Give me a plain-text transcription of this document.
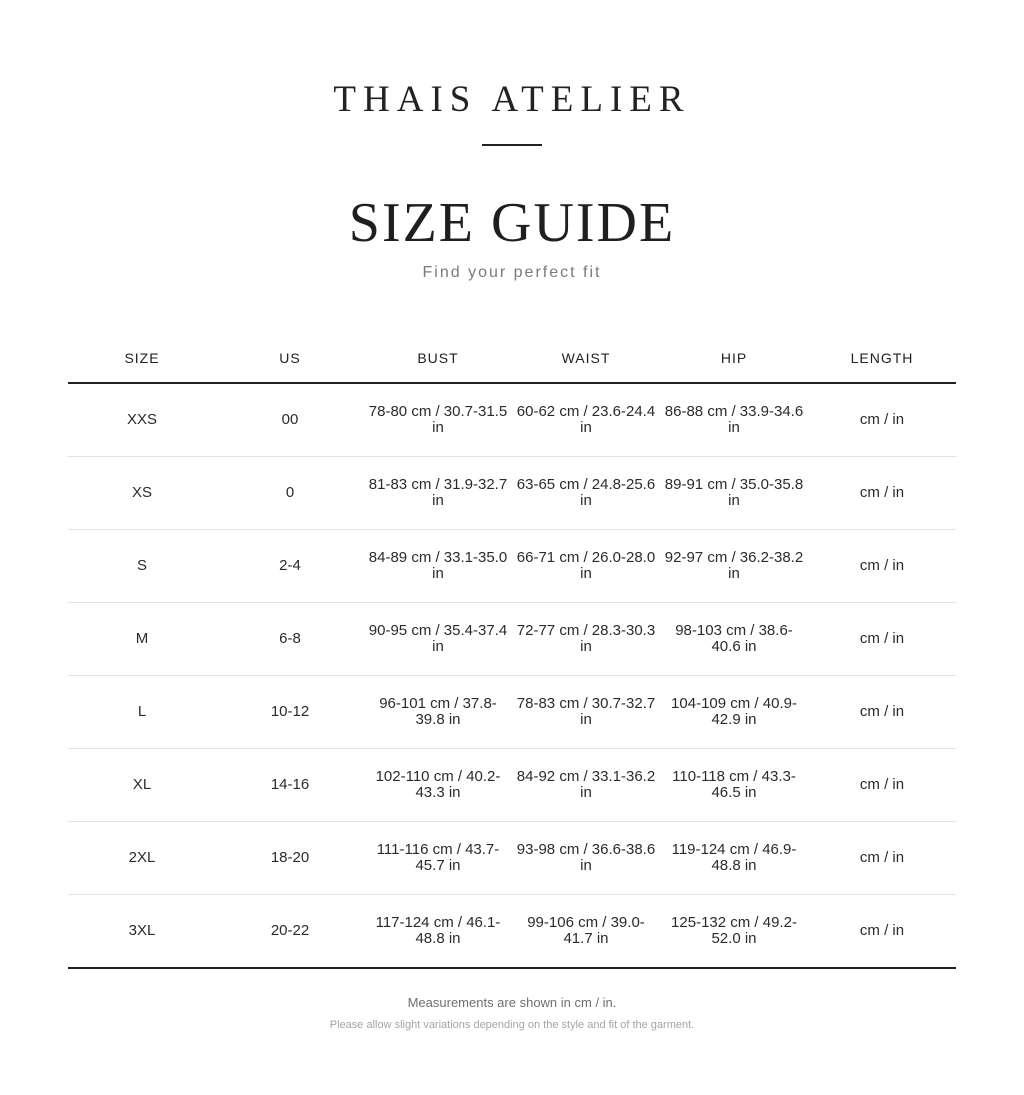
THAIS ATELIER
SIZE GUIDE
Find your perfect fit
SIZE	US	BUST	WAIST	HIP	LENGTH
XXS	00	78-80 cm / 30.7-31.5 in	60-62 cm / 23.6-24.4 in	86-88 cm / 33.9-34.6 in	cm / in
XS	0	81-83 cm / 31.9-32.7 in	63-65 cm / 24.8-25.6 in	89-91 cm / 35.0-35.8 in	cm / in
S	2-4	84-89 cm / 33.1-35.0 in	66-71 cm / 26.0-28.0 in	92-97 cm / 36.2-38.2 in	cm / in
M	6-8	90-95 cm / 35.4-37.4 in	72-77 cm / 28.3-30.3 in	98-103 cm / 38.6-40.6 in	cm / in
L	10-12	96-101 cm / 37.8-39.8 in	78-83 cm / 30.7-32.7 in	104-109 cm / 40.9-42.9 in	cm / in
XL	14-16	102-110 cm / 40.2-43.3 in	84-92 cm / 33.1-36.2 in	110-118 cm / 43.3-46.5 in	cm / in
2XL	18-20	111-116 cm / 43.7-45.7 in	93-98 cm / 36.6-38.6 in	119-124 cm / 46.9-48.8 in	cm / in
3XL	20-22	117-124 cm / 46.1-48.8 in	99-106 cm / 39.0-41.7 in	125-132 cm / 49.2-52.0 in	cm / in
Measurements are shown in cm / in.
Please allow slight variations depending on the style and fit of the garment.
